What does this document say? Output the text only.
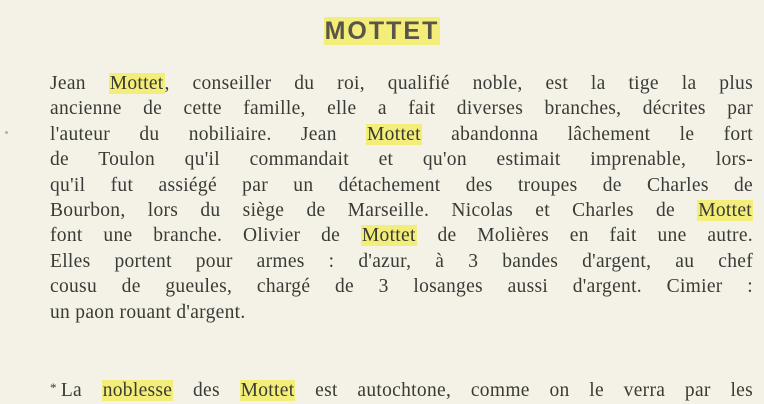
MOTTET
Jean Mottet, conseiller du roi, qualifié noble, est la tige la plus
ancienne de cette famille, elle a fait diverses branches, décrites par
l'auteur du nobiliaire. Jean Mottet abandonna lâchement le fort
de Toulon qu'il commandait et qu'on estimait imprenable, lors-
qu'il fut assiégé par un détachement des troupes de Charles de
Bourbon, lors du siège de Marseille. Nicolas et Charles de Mottet
font une branche. Olivier de Mottet de Molières en fait une autre.
Elles portent pour armes : d'azur, à 3 bandes d'argent, au chef
cousu de gueules, chargé de 3 losanges aussi d'argent. Cimier :
un paon rouant d'argent.
* La noblesse des Mottet est autochtone, comme on le verra par les
